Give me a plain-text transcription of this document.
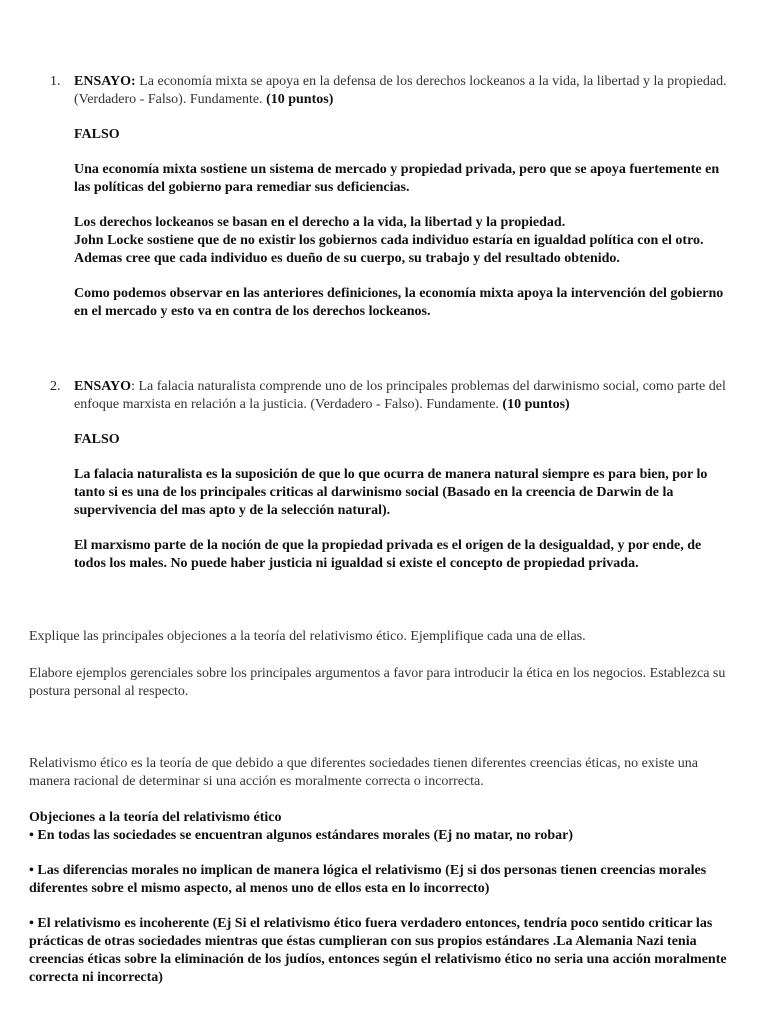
1. ENSAYO: La economía mixta se apoya en la defensa de los derechos lockeanos a la vida, la libertad y la propiedad. (Verdadero - Falso). Fundamente. (10 puntos)

FALSO

Una economía mixta sostiene un sistema de mercado y propiedad privada, pero que se apoya fuertemente en las políticas del gobierno para remediar sus deficiencias.

Los derechos lockeanos se basan en el derecho a la vida, la libertad y la propiedad.

John Locke sostiene que de no existir los gobiernos cada individuo estaría en igualdad política con el otro. Ademas cree que cada individuo es dueño de su cuerpo, su trabajo y del resultado obtenido.

Como podemos observar en las anteriores definiciones, la economía mixta apoya la intervención del gobierno en el mercado y esto va en contra de los derechos lockeanos.

2. ENSAYO: La falacia naturalista comprende uno de los principales problemas del darwinismo social, como parte del enfoque marxista en relación a la justicia. (Verdadero - Falso). Fundamente. (10 puntos)

FALSO

La falacia naturalista es la suposición de que lo que ocurra de manera natural siempre es para bien, por lo tanto si es una de los principales criticas al darwinismo social (Basado en la creencia de Darwin de la supervivencia del mas apto y de la selección natural).

El marxismo parte de la noción de que la propiedad privada es el origen de la desigualdad, y por ende, de todos los males. No puede haber justicia ni igualdad si existe el concepto de propiedad privada.

Explique las principales objeciones a la teoría del relativismo ético. Ejemplifique cada una de ellas.

Elabore ejemplos gerenciales sobre los principales argumentos a favor para introducir la ética en los negocios. Establezca su postura personal al respecto.

Relativismo ético es la teoría de que debido a que diferentes sociedades tienen diferentes creencias éticas, no existe una manera racional de determinar si una acción es moralmente correcta o incorrecta.

Objeciones a la teoría del relativismo ético

• En todas las sociedades se encuentran algunos estándares morales (Ej no matar, no robar)

• Las diferencias morales no implican de manera lógica el relativismo (Ej si dos personas tienen creencias morales diferentes sobre el mismo aspecto, al menos uno de ellos esta en lo incorrecto)

• El relativismo es incoherente (Ej Si el relativismo ético fuera verdadero entonces, tendría poco sentido criticar las prácticas de otras sociedades mientras que éstas cumplieran con sus propios estándares .La Alemania Nazi tenia creencias éticas sobre la eliminación de los judíos, entonces según el relativismo ético no seria una acción moralmente correcta ni incorrecta)
